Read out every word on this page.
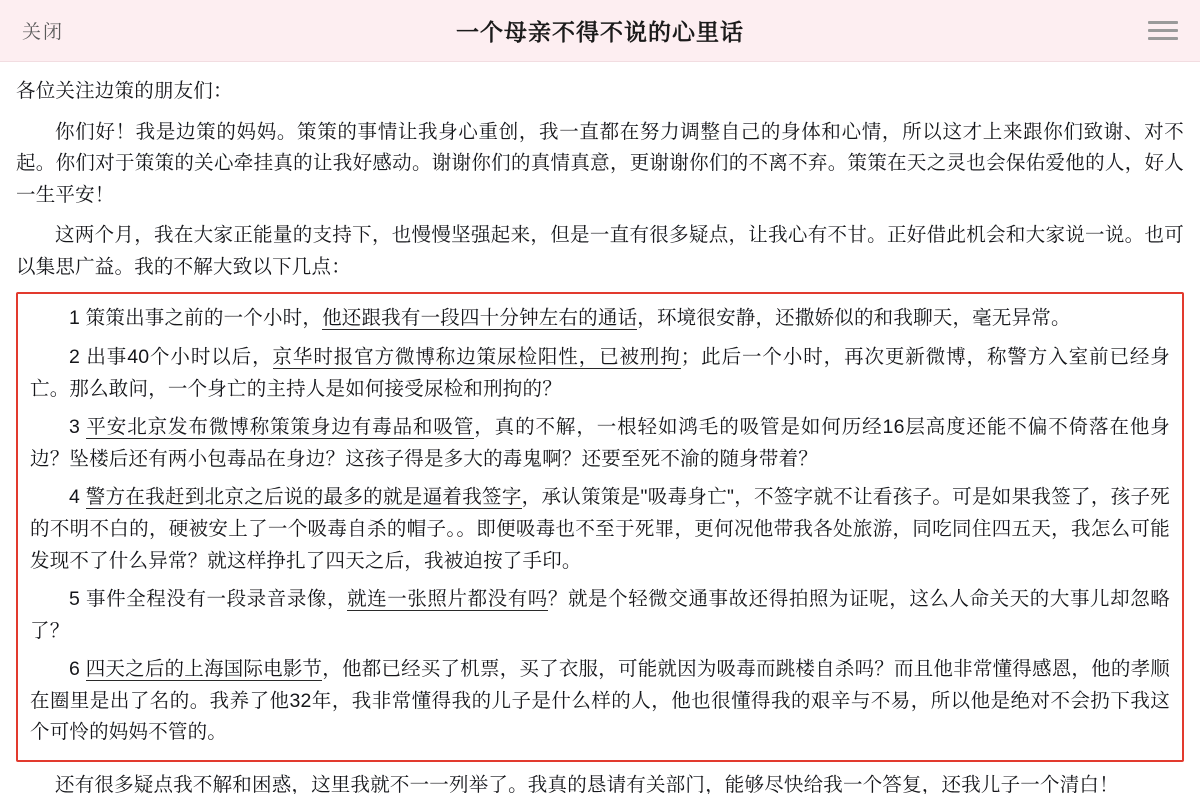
关闭	一个母亲不得不说的心里话

各位关注边策的朋友们：

你们好！我是边策的妈妈。策策的事情让我身心重创，我一直都在努力调整自己的身体和心情，所以这才上来跟你们致谢、对不起。你们对于策策的关心牵挂真的让我好感动。谢谢你们的真情真意，更谢谢你们的不离不弃。策策在天之灵也会保佑爱他的人，好人一生平安！

这两个月，我在大家正能量的支持下，也慢慢坚强起来，但是一直有很多疑点，让我心有不甘。正好借此机会和大家说一说。也可以集思广益。我的不解大致以下几点：

1 策策出事之前的一个小时，他还跟我有一段四十分钟左右的通话，环境很安静，还撒娇似的和我聊天，毫无异常。

2 出事40个小时以后，京华时报官方微博称边策尿检阳性，已被刑拘；此后一个小时，再次更新微博，称警方入室前已经身亡。那么敢问，一个身亡的主持人是如何接受尿检和刑拘的？

3 平安北京发布微博称策策身边有毒品和吸管，真的不解，一根轻如鸿毛的吸管是如何历经16层高度还能不偏不倚落在他身边？坠楼后还有两小包毒品在身边？这孩子得是多大的毒鬼啊？还要至死不渝的随身带着？

4 警方在我赶到北京之后说的最多的就是逼着我签字，承认策策是"吸毒身亡"，不签字就不让看孩子。可是如果我签了，孩子死的不明不白的，硬被安上了一个吸毒自杀的帽子。。即便吸毒也不至于死罪，更何况他带我各处旅游，同吃同住四五天，我怎么可能发现不了什么异常？就这样挣扎了四天之后，我被迫按了手印。

5 事件全程没有一段录音录像，就连一张照片都没有吗？就是个轻微交通事故还得拍照为证呢，这么人命关天的大事儿却忽略了？

6 四天之后的上海国际电影节，他都已经买了机票，买了衣服，可能就因为吸毒而跳楼自杀吗？而且他非常懂得感恩，他的孝顺在圈里是出了名的。我养了他32年，我非常懂得我的儿子是什么样的人，他也很懂得我的艰辛与不易，所以他是绝对不会扔下我这个可怜的妈妈不管的。

还有很多疑点我不解和困惑，这里我就不一一列举了。我真的恳请有关部门，能够尽快给我一个答复，还我儿子一个清白！
